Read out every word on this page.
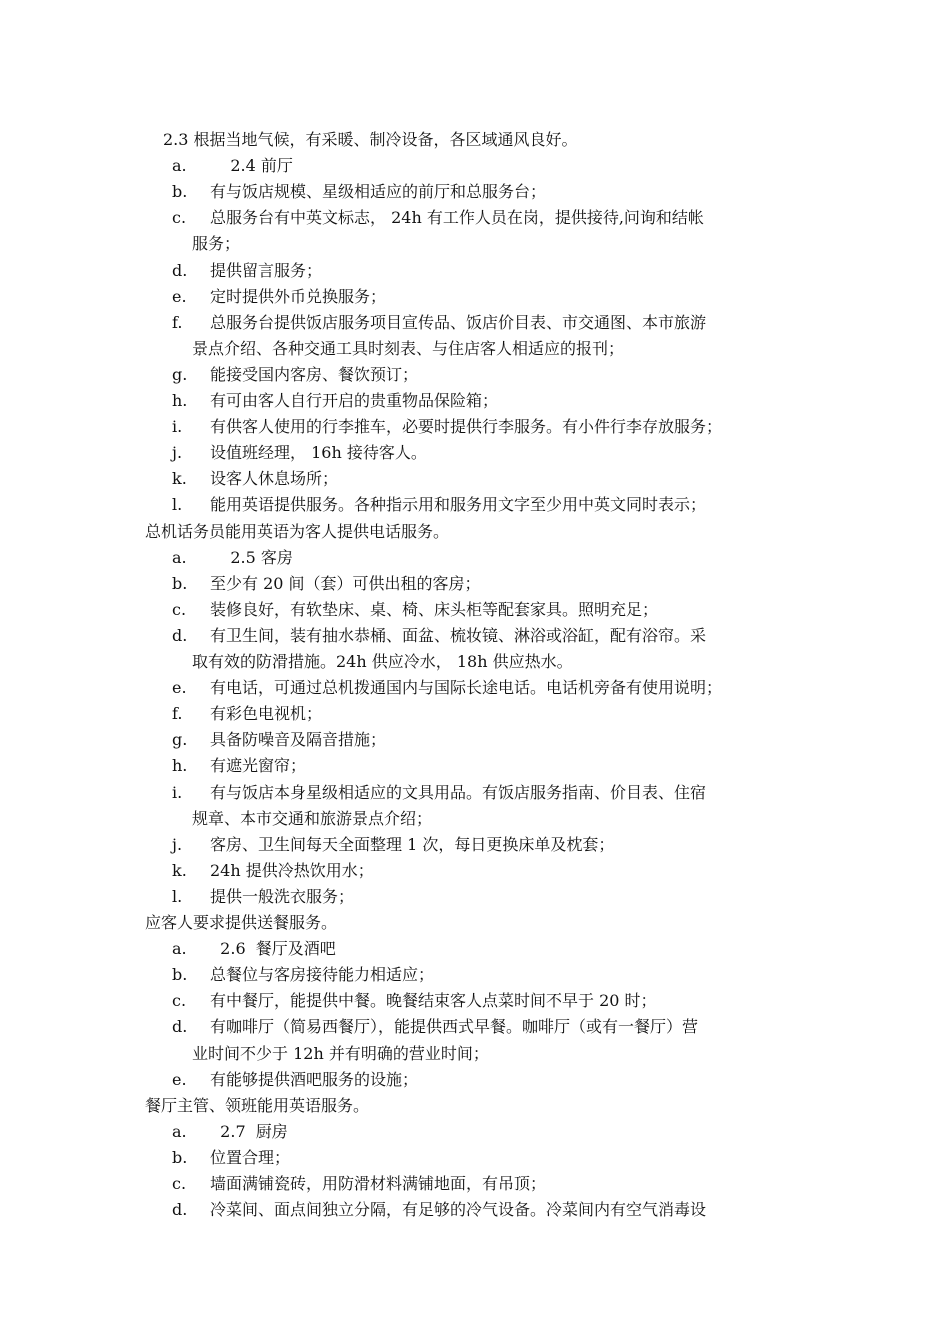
2.3 根据当地气候，有采暖、制冷设备，各区域通风良好。
a.	2.4 前厅
b.	有与饭店规模、星级相适应的前厅和总服务台；
c.	总服务台有中英文标志， 24h 有工作人员在岗，提供接待,问询和结帐
服务；
d.	提供留言服务；
e.	定时提供外币兑换服务；
f.	总服务台提供饭店服务项目宣传品、饭店价目表、市交通图、本市旅游
景点介绍、各种交通工具时刻表、与住店客人相适应的报刊；
g.	能接受国内客房、餐饮预订；
h.	有可由客人自行开启的贵重物品保险箱；
i.	有供客人使用的行李推车，必要时提供行李服务。有小件行李存放服务；
j.	设值班经理， 16h 接待客人。
k.	设客人休息场所；
l.	能用英语提供服务。各种指示用和服务用文字至少用中英文同时表示；
总机话务员能用英语为客人提供电话服务。
a.	2.5 客房
b.	至少有 20 间（套）可供出租的客房；
c.	装修良好，有软垫床、桌、椅、床头柜等配套家具。照明充足；
d.	有卫生间，装有抽水恭桶、面盆、梳妆镜、淋浴或浴缸，配有浴帘。采
取有效的防滑措施。24h 供应冷水， 18h 供应热水。
e.	有电话，可通过总机拨通国内与国际长途电话。电话机旁备有使用说明；
f.	有彩色电视机；
g.	具备防噪音及隔音措施；
h.	有遮光窗帘；
i.	有与饭店本身星级相适应的文具用品。有饭店服务指南、价目表、住宿
规章、本市交通和旅游景点介绍；
j.	客房、卫生间每天全面整理 1 次，每日更换床单及枕套；
k.	24h 提供冷热饮用水；
l.	提供一般洗衣服务；
应客人要求提供送餐服务。
a.	2.6  餐厅及酒吧
b.	总餐位与客房接待能力相适应；
c.	有中餐厅，能提供中餐。晚餐结束客人点菜时间不早于 20 时；
d.	有咖啡厅（简易西餐厅），能提供西式早餐。咖啡厅（或有一餐厅）营
业时间不少于 12h 并有明确的营业时间；
e.	有能够提供酒吧服务的设施；
餐厅主管、领班能用英语服务。
a.	2.7  厨房
b.	位置合理；
c.	墙面满铺瓷砖，用防滑材料满铺地面，有吊顶；
d.	冷菜间、面点间独立分隔，有足够的冷气设备。冷菜间内有空气消毒设
